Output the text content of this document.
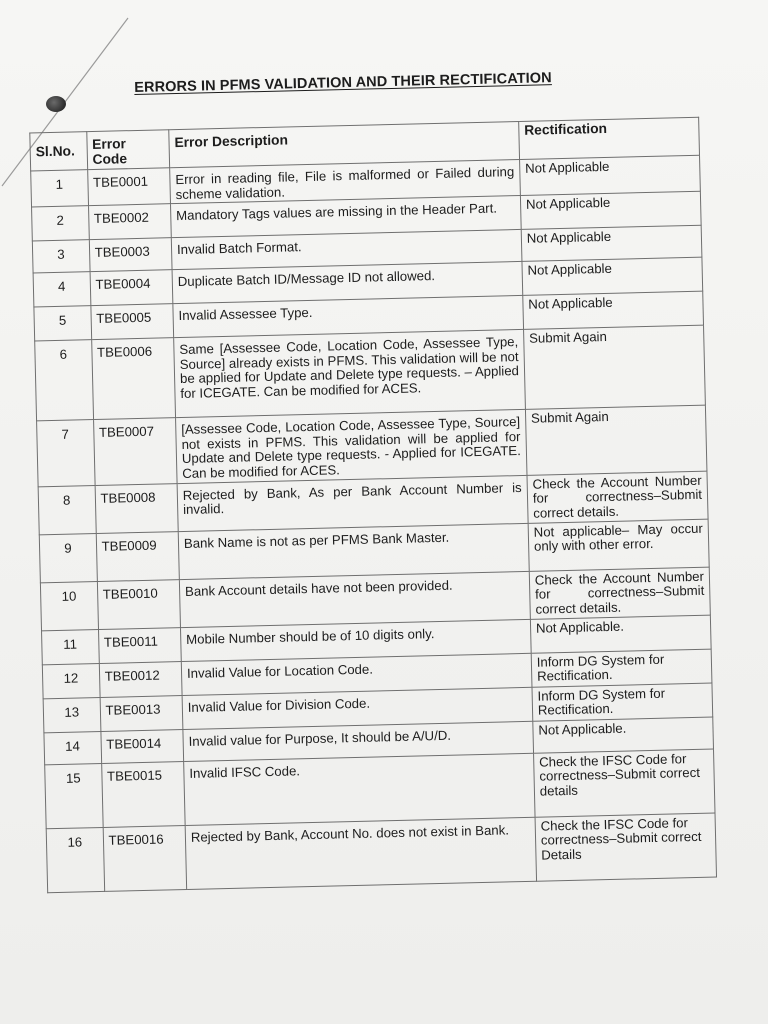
ERRORS IN PFMS VALIDATION AND THEIR RECTIFICATION
Sl.No.	Error Code	Error Description	Rectification
1	TBE0001	Error in reading file, File is malformed or Failed during scheme validation.	Not Applicable
2	TBE0002	Mandatory Tags values are missing in the Header Part.	Not Applicable
3	TBE0003	Invalid Batch Format.	Not Applicable
4	TBE0004	Duplicate Batch ID/Message ID not allowed.	Not Applicable
5	TBE0005	Invalid Assessee Type.	Not Applicable
6	TBE0006	Same [Assessee Code, Location Code, Assessee Type, Source] already exists in PFMS. This validation will be not be applied for Update and Delete type requests. – Applied for ICEGATE. Can be modified for ACES.	Submit Again
7	TBE0007	[Assessee Code, Location Code, Assessee Type, Source] not exists in PFMS. This validation will be applied for Update and Delete type requests. - Applied for ICEGATE. Can be modified for ACES.	Submit Again
8	TBE0008	Rejected by Bank, As per Bank Account Number is invalid.	Check the Account Number for correctness–Submit correct details.
9	TBE0009	Bank Name is not as per PFMS Bank Master.	Not applicable– May occur only with other error.
10	TBE0010	Bank Account details have not been provided.	Check the Account Number for correctness–Submit correct details.
11	TBE0011	Mobile Number should be of 10 digits only.	Not Applicable.
12	TBE0012	Invalid Value for Location Code.	Inform DG System for Rectification.
13	TBE0013	Invalid Value for Division Code.	Inform DG System for Rectification.
14	TBE0014	Invalid value for Purpose, It should be A/U/D.	Not Applicable.
15	TBE0015	Invalid IFSC Code.	Check the IFSC Code for correctness–Submit correct details
16	TBE0016	Rejected by Bank, Account No. does not exist in Bank.	Check the IFSC Code for correctness–Submit correct Details
